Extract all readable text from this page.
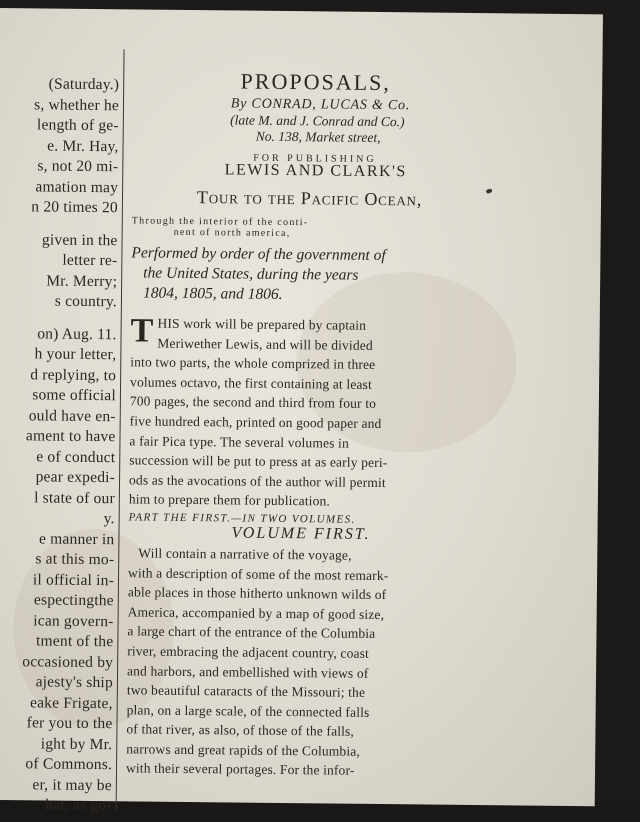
(Saturday.)
s, whether he
length of ge-
e. Mr. Hay,
s, not 20 mi-
amation may
n 20 times 20
given in the
letter re-
Mr. Merry;
s country.
on) Aug. 11.
h your letter,
d replying, to
some official
ould have en-
ament to have
e of conduct
pear expedi-
l state of our
y.
e manner in
s at this mo-
il official in-
espectingthe
ican govern-
tment of the
occasioned by
ajesty's ship
eake Frigate,
fer you to the
ight by Mr.
of Commons.
er, it may be
hat, as go-
PROPOSALS,
By CONRAD, LUCAS & Co.
(late M. and J. Conrad and Co.)
No. 138, Market street,
FOR PUBLISHING
LEWIS AND CLARK'S
Tour to the Pacific Ocean,
Through the interior of the conti-
nent of north america,
Performed by order of the government of
the United States, during the years
1804, 1805, and 1806.
T HIS work will be prepared by captain
Meriwether Lewis, and will be divided
into two parts, the whole comprized in three
volumes octavo, the first containing at least
700 pages, the second and third from four to
five hundred each, printed on good paper and
a fair Pica type. The several volumes in
succession will be put to press at as early peri-
ods as the avocations of the author will permit
him to prepare them for publication.
PART THE FIRST.—IN TWO VOLUMES.
VOLUME FIRST.
Will contain a narrative of the voyage,
with a description of some of the most remark-
able places in those hitherto unknown wilds of
America, accompanied by a map of good size,
a large chart of the entrance of the Columbia
river, embracing the adjacent country, coast
and harbors, and embellished with views of
two beautiful cataracts of the Missouri; the
plan, on a large scale, of the connected falls
of that river, as also, of those of the falls,
narrows and great rapids of the Columbia,
with their several portages. For the infor-
